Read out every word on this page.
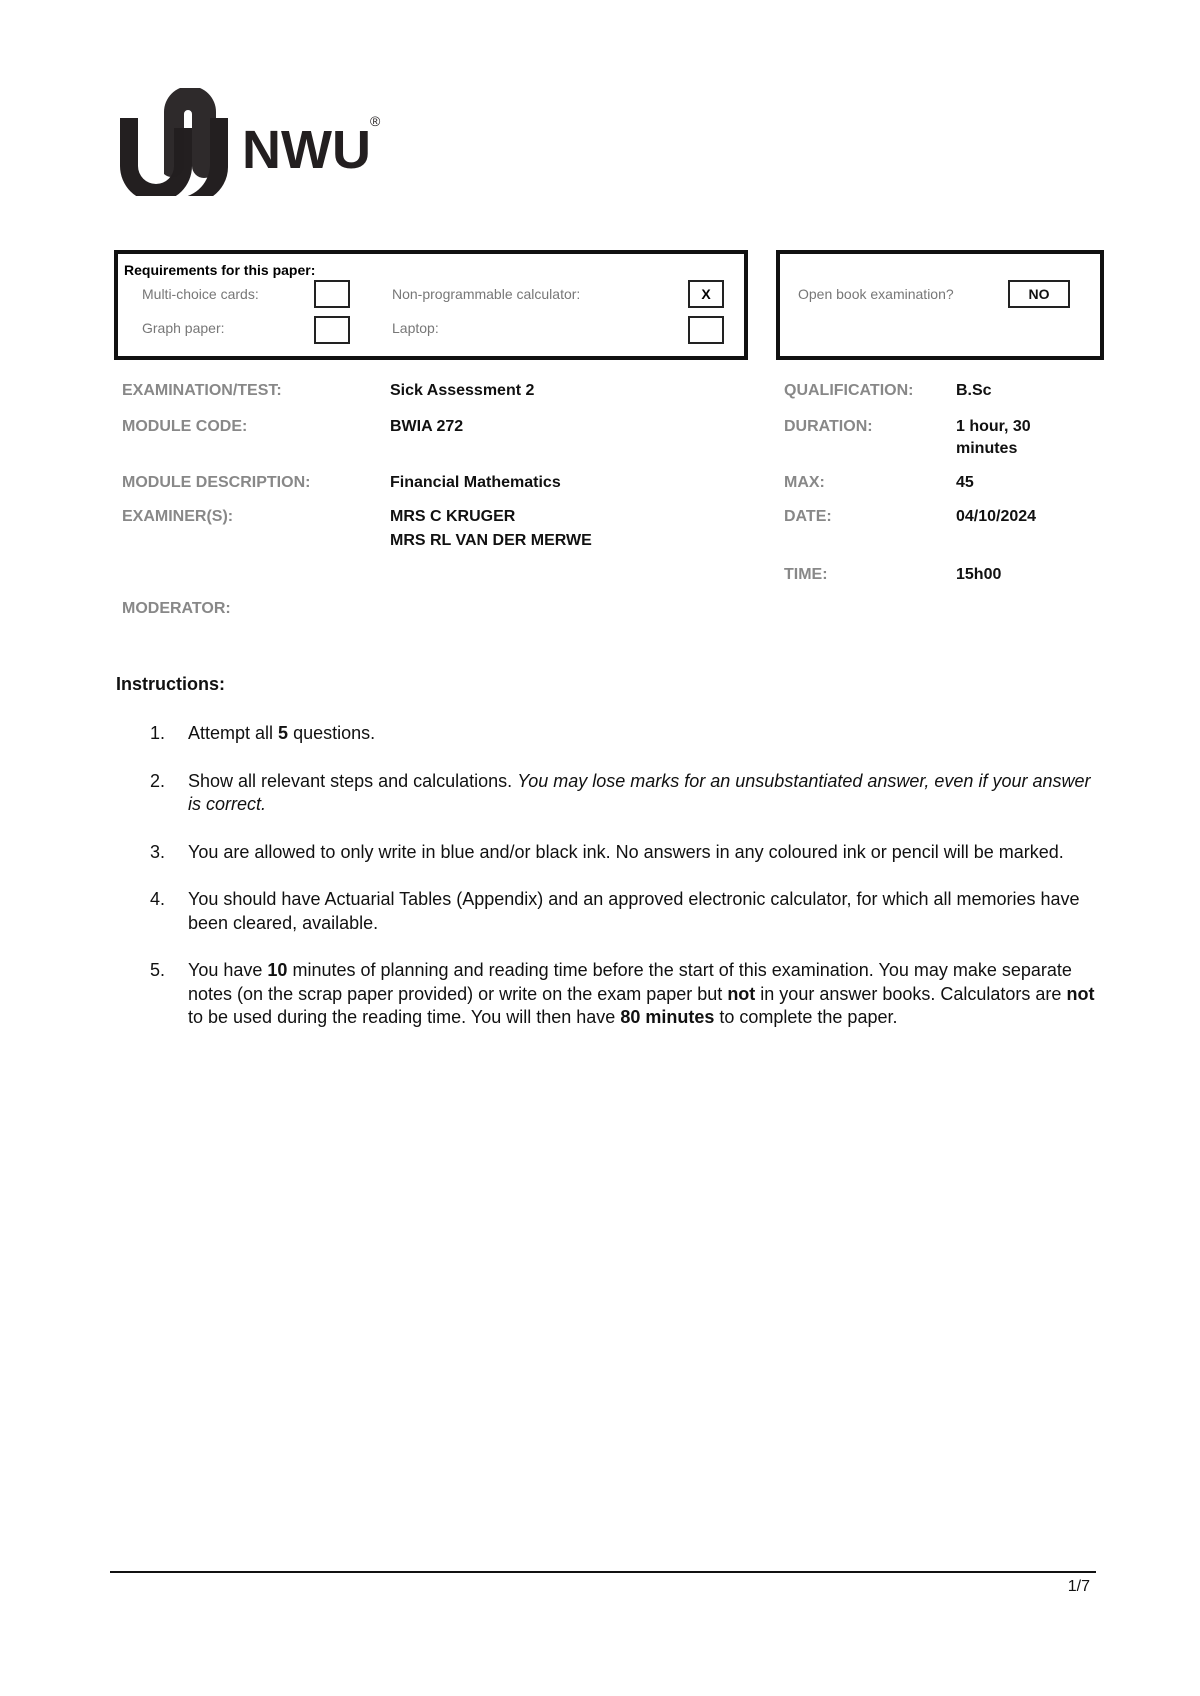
NWU ®
Requirements for this paper:
Multi-choice cards:	Non-programmable calculator:	X
Graph paper:	Laptop:
Open book examination?	NO
EXAMINATION/TEST:	Sick Assessment 2
MODULE CODE:	BWIA 272
MODULE DESCRIPTION:	Financial Mathematics
EXAMINER(S):	MRS C KRUGER
MRS RL VAN DER MERWE
MODERATOR:
QUALIFICATION:	B.Sc
DURATION:	1 hour, 30
minutes
MAX:	45
DATE:	04/10/2024
TIME:	15h00
Instructions:
1.	Attempt all 5 questions.
2.	Show all relevant steps and calculations. You may lose marks for an unsubstantiated answer, even if your answer is correct.
3.	You are allowed to only write in blue and/or black ink. No answers in any coloured ink or pencil will be marked.
4.	You should have Actuarial Tables (Appendix) and an approved electronic calculator, for which all memories have been cleared, available.
5.	You have 10 minutes of planning and reading time before the start of this examination. You may make separate notes (on the scrap paper provided) or write on the exam paper but not in your answer books. Calculators are not to be used during the reading time. You will then have 80 minutes to complete the paper.
1/7
